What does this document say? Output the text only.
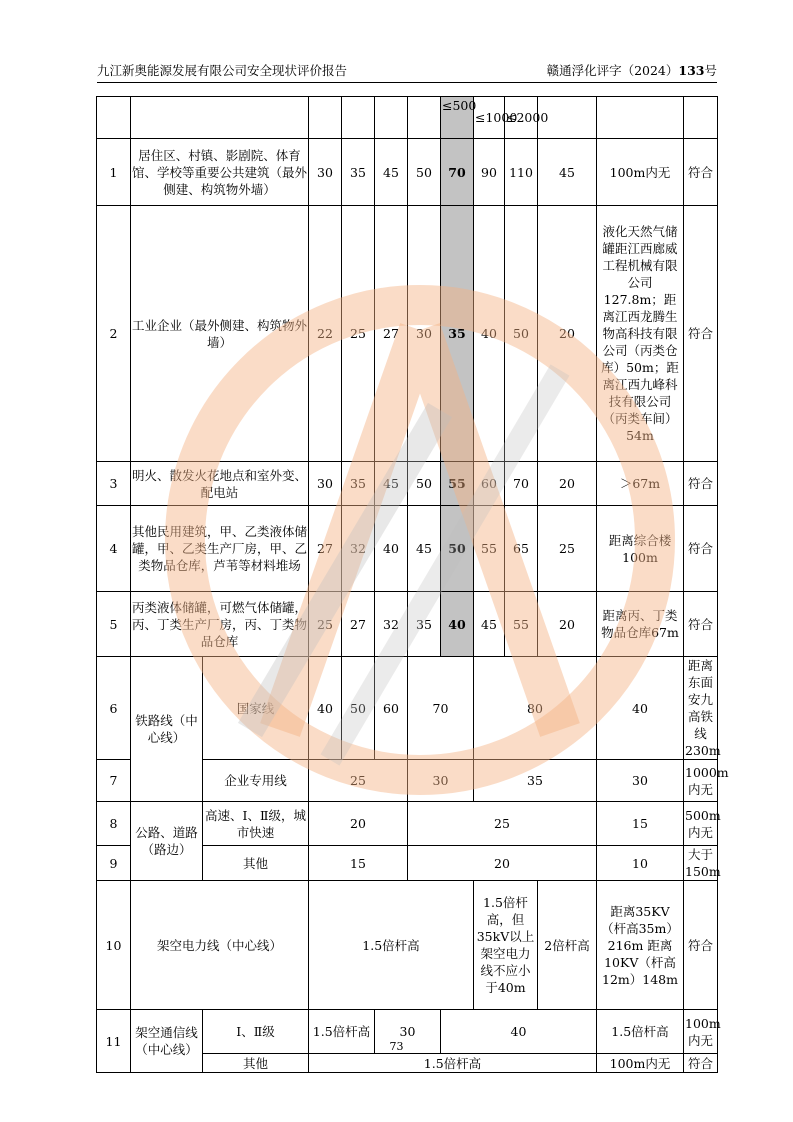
九江新奥能源发展有限公司安全现状评价报告	赣通浮化评字（2024）133号
							≤500	≤1000	≤2000				
1	居住区、村镇、影剧院、体育馆、学校等重要公共建筑（最外侧建、构筑物外墙）		30	35	45	50	70	90	110	45	100m内无	符合	
2	工业企业（最外侧建、构筑物外墙）		22	25	27	30	35	40	50	20	液化天然气储罐距江西廊威工程机械有限公司127.8m；距离江西龙腾生物高科技有限公司（丙类仓库）50m；距离江西九峰科技有限公司（丙类车间）54m	符合	
3	明火、散发火花地点和室外变、配电站		30	35	45	50	55	60	70	20	＞67m	符合	
4	其他民用建筑，甲、乙类液体储罐，甲、乙类生产厂房，甲、乙类物品仓库，芦苇等材料堆场		27	32	40	45	50	55	65	25	距离综合楼100m	符合	
5	丙类液体储罐，可燃气体储罐，丙、丁类生产厂房，丙、丁类物品仓库		25	27	32	35	40	45	55	20	距离丙、丁类物品仓库67m	符合	
6	铁路线（中心线）	国家线	40	50	60	70		80			40	距离东面安九高铁线230m	
7		企业专用线	25			30		35			30	1000m内无	
8	公路、道路（路边）	高速、Ⅰ、Ⅱ级，城市快速	20			25					15	500m内无	
9		其他	15			20					10	大于150m	
10	架空电力线（中心线）		1.5倍杆高					1.5倍杆高，但35kV以上架空电力线不应小于40m		2倍杆高	距离35KV（杆高35m）216m 距离10KV（杆高12m）148m	符合	
11	架空通信线（中心线）	Ⅰ、Ⅱ级	1.5倍杆高		30		40				1.5倍杆高	100m内无	
		其他	1.5倍杆高								100m内无	符合	
73
